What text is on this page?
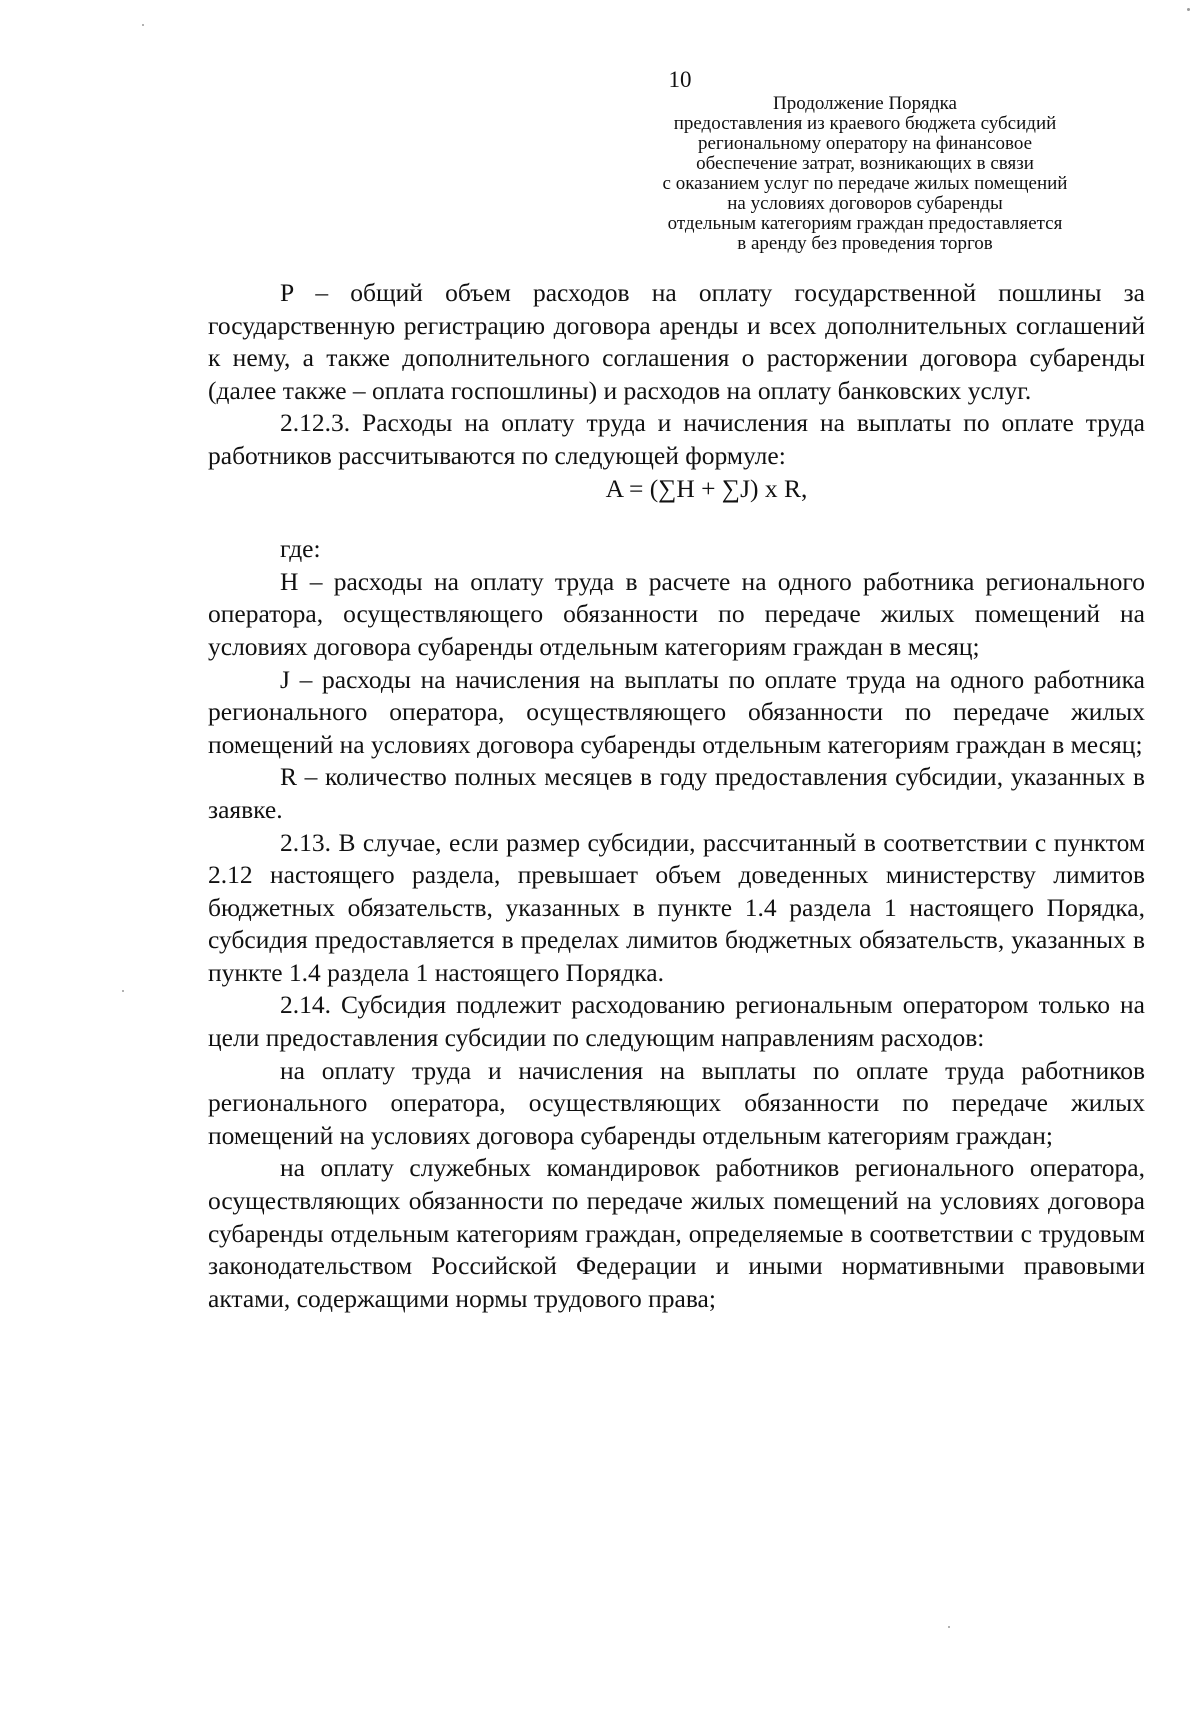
10
Продолжение Порядка
предоставления из краевого бюджета субсидий
региональному оператору на финансовое
обеспечение затрат, возникающих в связи
с оказанием услуг по передаче жилых помещений
на условиях договоров субаренды
отдельным категориям граждан предоставляется
в аренду без проведения торгов

P – общий объем расходов на оплату государственной пошлины за государственную регистрацию договора аренды и всех дополнительных соглашений к нему, а также дополнительного соглашения о расторжении договора субаренды (далее также – оплата госпошлины) и расходов на оплату банковских услуг.

2.12.3. Расходы на оплату труда и начисления на выплаты по оплате труда работников рассчитываются по следующей формуле:

A = (∑H + ∑J) x R,

где:

H – расходы на оплату труда в расчете на одного работника регионального оператора, осуществляющего обязанности по передаче жилых помещений на условиях договора субаренды отдельным категориям граждан в месяц;

J – расходы на начисления на выплаты по оплате труда на одного работника регионального оператора, осуществляющего обязанности по передаче жилых помещений на условиях договора субаренды отдельным категориям граждан в месяц;

R – количество полных месяцев в году предоставления субсидии, указанных в заявке.

2.13. В случае, если размер субсидии, рассчитанный в соответствии с пунктом 2.12 настоящего раздела, превышает объем доведенных министерству лимитов бюджетных обязательств, указанных в пункте 1.4 раздела 1 настоящего Порядка, субсидия предоставляется в пределах лимитов бюджетных обязательств, указанных в пункте 1.4 раздела 1 настоящего Порядка.

2.14. Субсидия подлежит расходованию региональным оператором только на цели предоставления субсидии по следующим направлениям расходов:

на оплату труда и начисления на выплаты по оплате труда работников регионального оператора, осуществляющих обязанности по передаче жилых помещений на условиях договора субаренды отдельным категориям граждан;

на оплату служебных командировок работников регионального оператора, осуществляющих обязанности по передаче жилых помещений на условиях договора субаренды отдельным категориям граждан, определяемые в соответствии с трудовым законодательством Российской Федерации и иными нормативными правовыми актами, содержащими нормы трудового права;
